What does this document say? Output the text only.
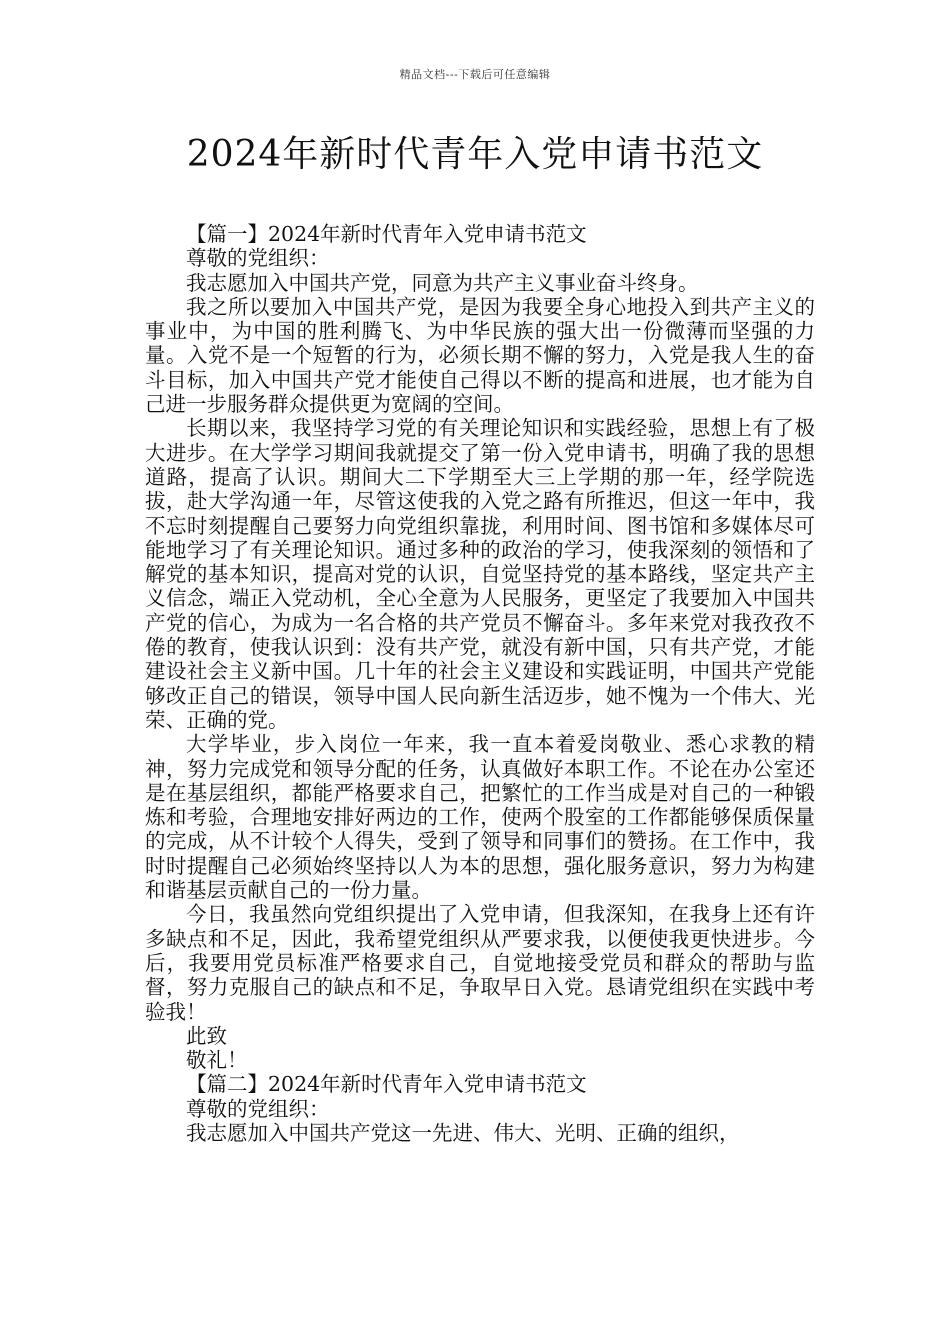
精品文档---下载后可任意编辑
2024年新时代青年入党申请书范文

【篇一】2024年新时代青年入党申请书范文

尊敬的党组织：

我志愿加入中国共产党，同意为共产主义事业奋斗终身。

我之所以要加入中国共产党，是因为我要全身心地投入到共产主义的事业中，为中国的胜利腾飞、为中华民族的强大出一份微薄而坚强的力量。入党不是一个短暂的行为，必须长期不懈的努力，入党是我人生的奋斗目标，加入中国共产党才能使自己得以不断的提高和进展，也才能为自己进一步服务群众提供更为宽阔的空间。

长期以来，我坚持学习党的有关理论知识和实践经验，思想上有了极大进步。在大学学习期间我就提交了第一份入党申请书，明确了我的思想道路，提高了认识。期间大二下学期至大三上学期的那一年，经学院选拔，赴大学沟通一年，尽管这使我的入党之路有所推迟，但这一年中，我不忘时刻提醒自己要努力向党组织靠拢，利用时间、图书馆和多媒体尽可能地学习了有关理论知识。通过多种的政治的学习，使我深刻的领悟和了解党的基本知识，提高对党的认识，自觉坚持党的基本路线，坚定共产主义信念，端正入党动机，全心全意为人民服务，更坚定了我要加入中国共产党的信心，为成为一名合格的共产党员不懈奋斗。多年来党对我孜孜不倦的教育，使我认识到：没有共产党，就没有新中国，只有共产党，才能建设社会主义新中国。几十年的社会主义建设和实践证明，中国共产党能够改正自己的错误，领导中国人民向新生活迈步，她不愧为一个伟大、光荣、正确的党。

大学毕业，步入岗位一年来，我一直本着爱岗敬业、悉心求教的精神，努力完成党和领导分配的任务，认真做好本职工作。不论在办公室还是在基层组织，都能严格要求自己，把繁忙的工作当成是对自己的一种锻炼和考验，合理地安排好两边的工作，使两个股室的工作都能够保质保量的完成，从不计较个人得失，受到了领导和同事们的赞扬。在工作中，我时时提醒自己必须始终坚持以人为本的思想，强化服务意识，努力为构建和谐基层贡献自己的一份力量。

今日，我虽然向党组织提出了入党申请，但我深知，在我身上还有许多缺点和不足，因此，我希望党组织从严要求我，以便使我更快进步。今后，我要用党员标准严格要求自己，自觉地接受党员和群众的帮助与监督，努力克服自己的缺点和不足，争取早日入党。恳请党组织在实践中考验我！

此致

敬礼！

【篇二】2024年新时代青年入党申请书范文

尊敬的党组织：

我志愿加入中国共产党这一先进、伟大、光明、正确的组织，
